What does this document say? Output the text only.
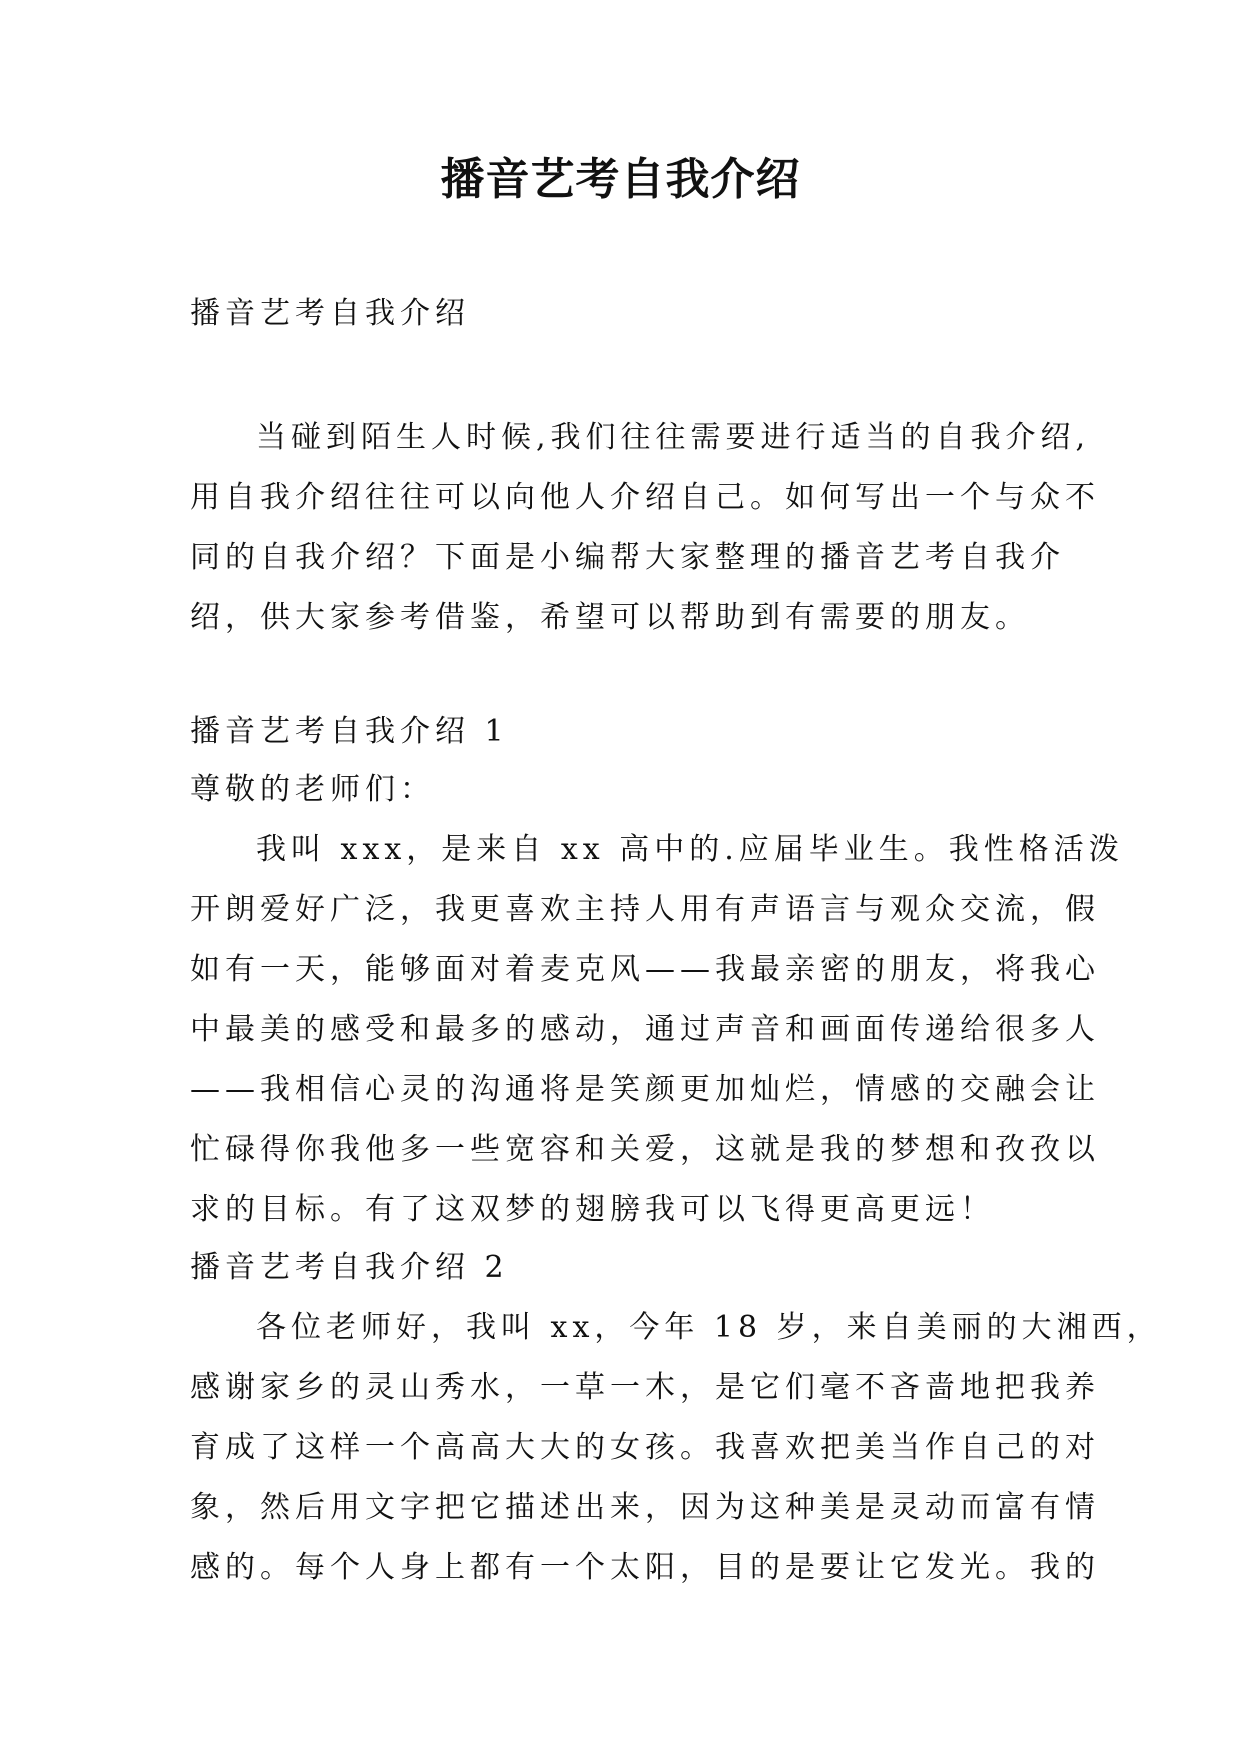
播音艺考自我介绍
播音艺考自我介绍
当碰到陌生人时候,我们往往需要进行适当的自我介绍,
用自我介绍往往可以向他人介绍自己。如何写出一个与众不
同的自我介绍？下面是小编帮大家整理的播音艺考自我介
绍，供大家参考借鉴，希望可以帮助到有需要的朋友。
播音艺考自我介绍 1
尊敬的老师们：
我叫 xxx，是来自 xx 高中的.应届毕业生。我性格活泼
开朗爱好广泛，我更喜欢主持人用有声语言与观众交流，假
如有一天，能够面对着麦克风——我最亲密的朋友，将我心
中最美的感受和最多的感动，通过声音和画面传递给很多人
——我相信心灵的沟通将是笑颜更加灿烂，情感的交融会让
忙碌得你我他多一些宽容和关爱，这就是我的梦想和孜孜以
求的目标。有了这双梦的翅膀我可以飞得更高更远！
播音艺考自我介绍 2
各位老师好，我叫 xx，今年 18 岁，来自美丽的大湘西，
感谢家乡的灵山秀水，一草一木，是它们毫不吝啬地把我养
育成了这样一个高高大大的女孩。我喜欢把美当作自己的对
象，然后用文字把它描述出来，因为这种美是灵动而富有情
感的。每个人身上都有一个太阳，目的是要让它发光。我的
